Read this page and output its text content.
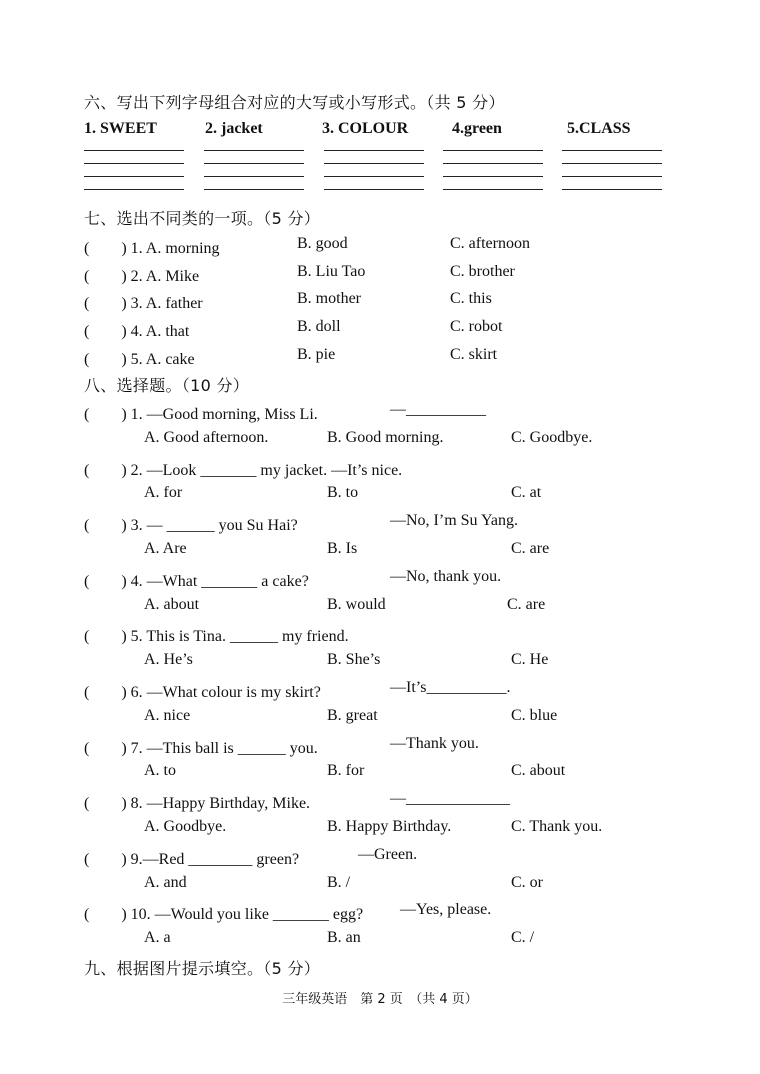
六、写出下列字母组合对应的大写或小写形式。（共 5 分）
1. SWEET	2. jacket	3. COLOUR	4.green	5.CLASS
七、选出不同类的一项。（5 分）
(　　) 1. A. morning	B. good	C. afternoon
(　　) 2. A. Mike	B. Liu Tao	C. brother
(　　) 3. A. father	B. mother	C. this
(　　) 4. A. that	B. doll	C. robot
(　　) 5. A. cake	B. pie	C. skirt
八、选择题。（10 分）
(　　) 1. —Good morning, Miss Li.	—__________
A. Good afternoon.	B. Good morning.	C. Goodbye.
(　　) 2. —Look _______ my jacket. —It’s nice.
A. for	B. to	C. at
(　　) 3. — ______ you Su Hai?	—No, I’m Su Yang.
A. Are	B. Is	C. are
(　　) 4. —What _______ a cake?	—No, thank you.
A. about	B. would	C. are
(　　) 5. This is Tina. ______ my friend.
A. He’s	B. She’s	C. He
(　　) 6. —What colour is my skirt?	—It’s__________.
A. nice	B. great	C. blue
(　　) 7. —This ball is ______ you.	—Thank you.
A. to	B. for	C. about
(　　) 8. —Happy Birthday, Mike.	—_____________
A. Goodbye.	B. Happy Birthday.	C. Thank you.
(　　) 9.—Red ________ green?	—Green.
A. and	B. /	C. or
(　　) 10. —Would you like _______ egg? —Yes, please.
A. a	B. an	C. /
九、根据图片提示填空。（5 分）
三年级英语　第 2 页　（共 4 页）
